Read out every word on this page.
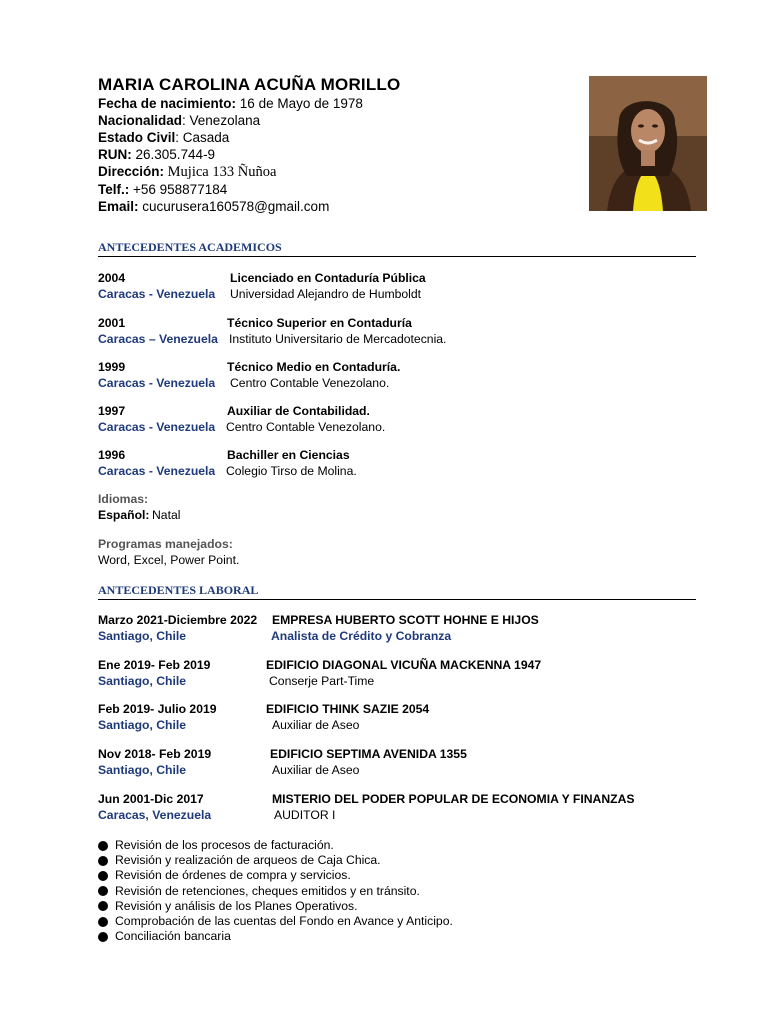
MARIA CAROLINA ACUÑA MORILLO
Fecha de nacimiento: 16 de Mayo de 1978
Nacionalidad: Venezolana
Estado Civil: Casada
RUN: 26.305.744-9
Dirección: Mujica 133 Ñuñoa
Telf.: +56 958877184
Email: cucurusera160578@gmail.com
ANTECEDENTES ACADEMICOS
2004	Licenciado en Contaduría Pública
Caracas - Venezuela Universidad Alejandro de Humboldt
2001	Técnico Superior en Contaduría
Caracas – Venezuela Instituto Universitario de Mercadotecnia.
1999	Técnico Medio en Contaduría.
Caracas - Venezuela Centro Contable Venezolano.
1997	Auxiliar de Contabilidad.
Caracas - Venezuela Centro Contable Venezolano.
1996	Bachiller en Ciencias
Caracas - Venezuela Colegio Tirso de Molina.
Idiomas:
Español: Natal
Programas manejados:
Word, Excel, Power Point.
ANTECEDENTES LABORAL
Marzo 2021-Diciembre 2022 EMPRESA HUBERTO SCOTT HOHNE E HIJOS
Santiago, Chile	Analista de Crédito y Cobranza
Ene 2019- Feb 2019	EDIFICIO DIAGONAL VICUÑA MACKENNA 1947
Santiago, Chile	Conserje Part-Time
Feb 2019- Julio 2019	EDIFICIO THINK SAZIE 2054
Santiago, Chile	Auxiliar de Aseo
Nov 2018- Feb 2019	EDIFICIO SEPTIMA AVENIDA 1355
Santiago, Chile	Auxiliar de Aseo
Jun 2001-Dic 2017	MISTERIO DEL PODER POPULAR DE ECONOMIA Y FINANZAS
Caracas, Venezuela	AUDITOR I
Revisión de los procesos de facturación.
Revisión y realización de arqueos de Caja Chica.
Revisión de órdenes de compra y servicios.
Revisión de retenciones, cheques emitidos y en tránsito.
Revisión y análisis de los Planes Operativos.
Comprobación de las cuentas del Fondo en Avance y Anticipo.
Conciliación bancaria
